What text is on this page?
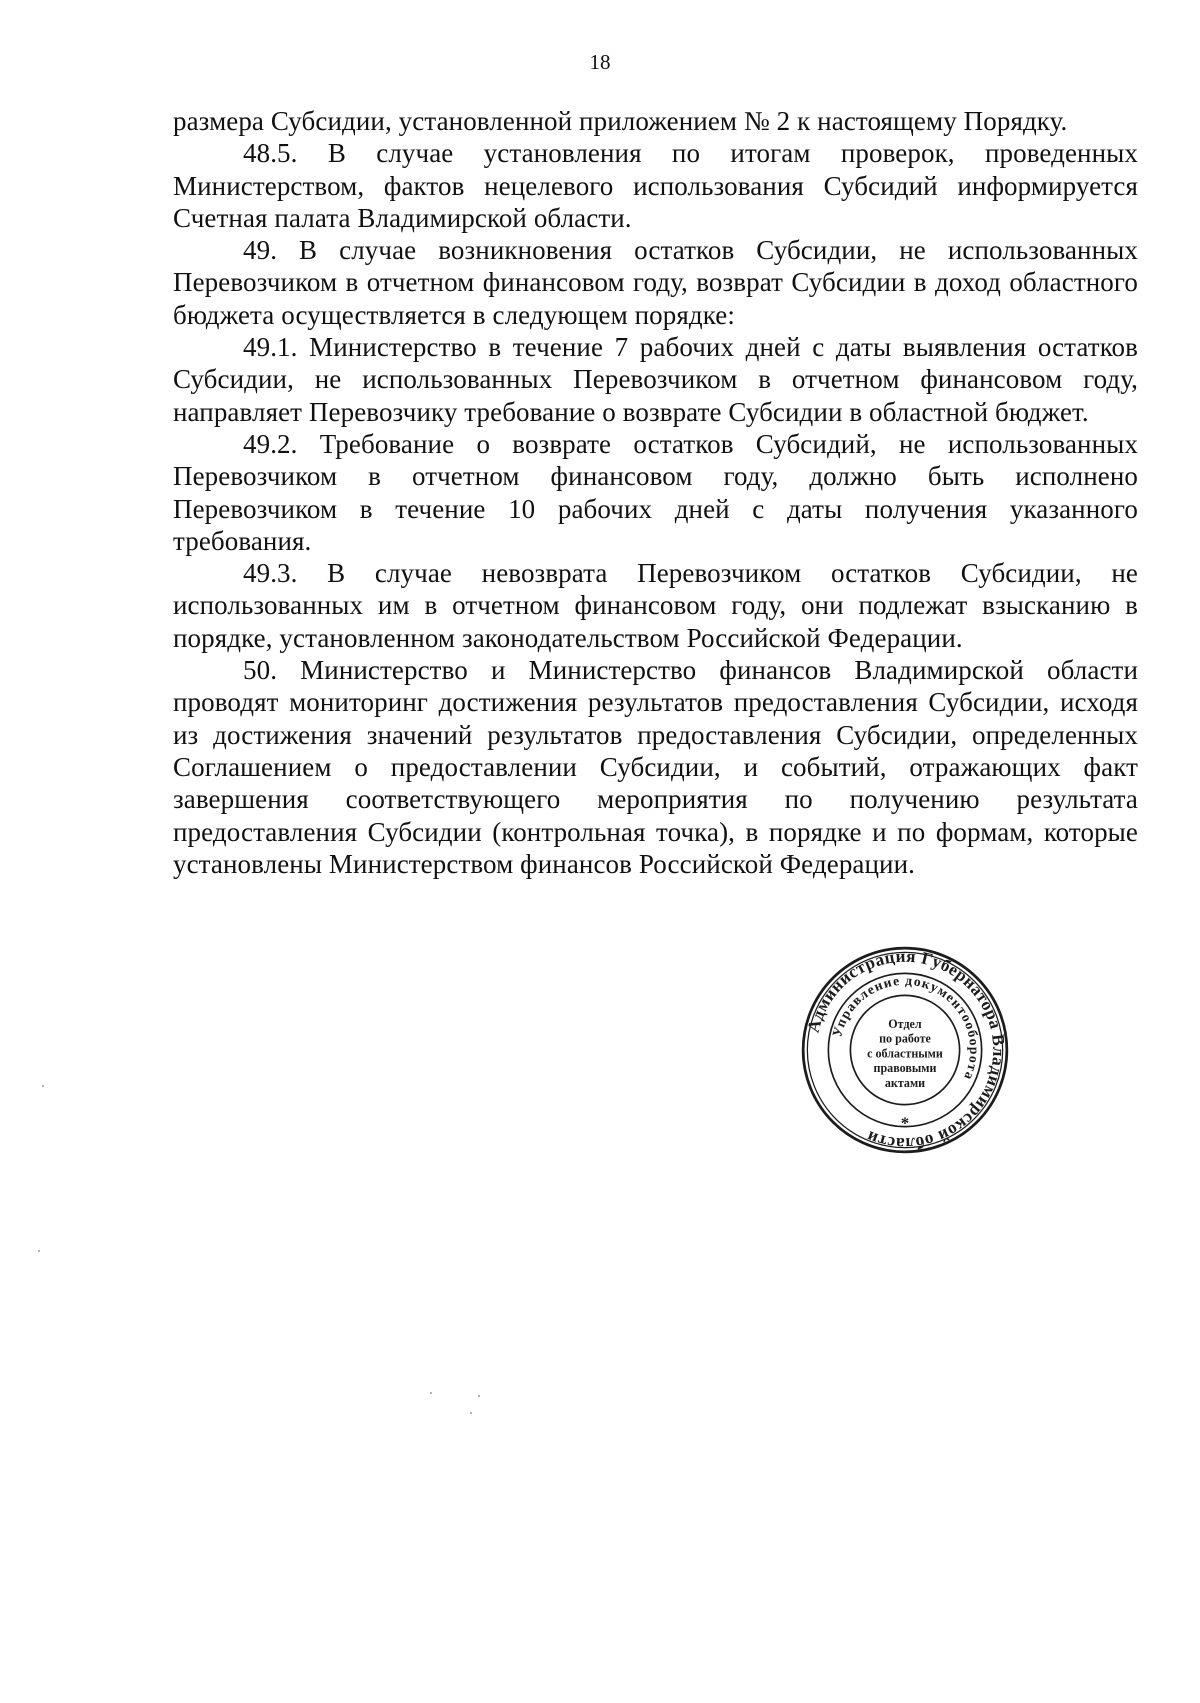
18

размера Субсидии, установленной приложением № 2 к настоящему Порядку.

48.5. В случае установления по итогам проверок, проведенных Министерством, фактов нецелевого использования Субсидий информируется Счетная палата Владимирской области.

49. В случае возникновения остатков Субсидии, не использованных Перевозчиком в отчетном финансовом году, возврат Субсидии в доход областного бюджета осуществляется в следующем порядке:

49.1. Министерство в течение 7 рабочих дней с даты выявления остатков Субсидии, не использованных Перевозчиком в отчетном финансовом году, направляет Перевозчику требование о возврате Субсидии в областной бюджет.

49.2. Требование о возврате остатков Субсидий, не использованных Перевозчиком в отчетном финансовом году, должно быть исполнено Перевозчиком в течение 10 рабочих дней с даты получения указанного требования.

49.3. В случае невозврата Перевозчиком остатков Субсидии, не использованных им в отчетном финансовом году, они подлежат взысканию в порядке, установленном законодательством Российской Федерации.

50. Министерство и Министерство финансов Владимирской области проводят мониторинг достижения результатов предоставления Субсидии, исходя из достижения значений результатов предоставления Субсидии, определенных Соглашением о предоставлении Субсидии, и событий, отражающих факт завершения соответствующего мероприятия по получению результата предоставления Субсидии (контрольная точка), в порядке и по формам, которые установлены Министерством финансов Российской Федерации.

Администрация Губернатора Владимирской области
Управление документооборота
*
Отдел
по работе
с областными
правовыми
актами
